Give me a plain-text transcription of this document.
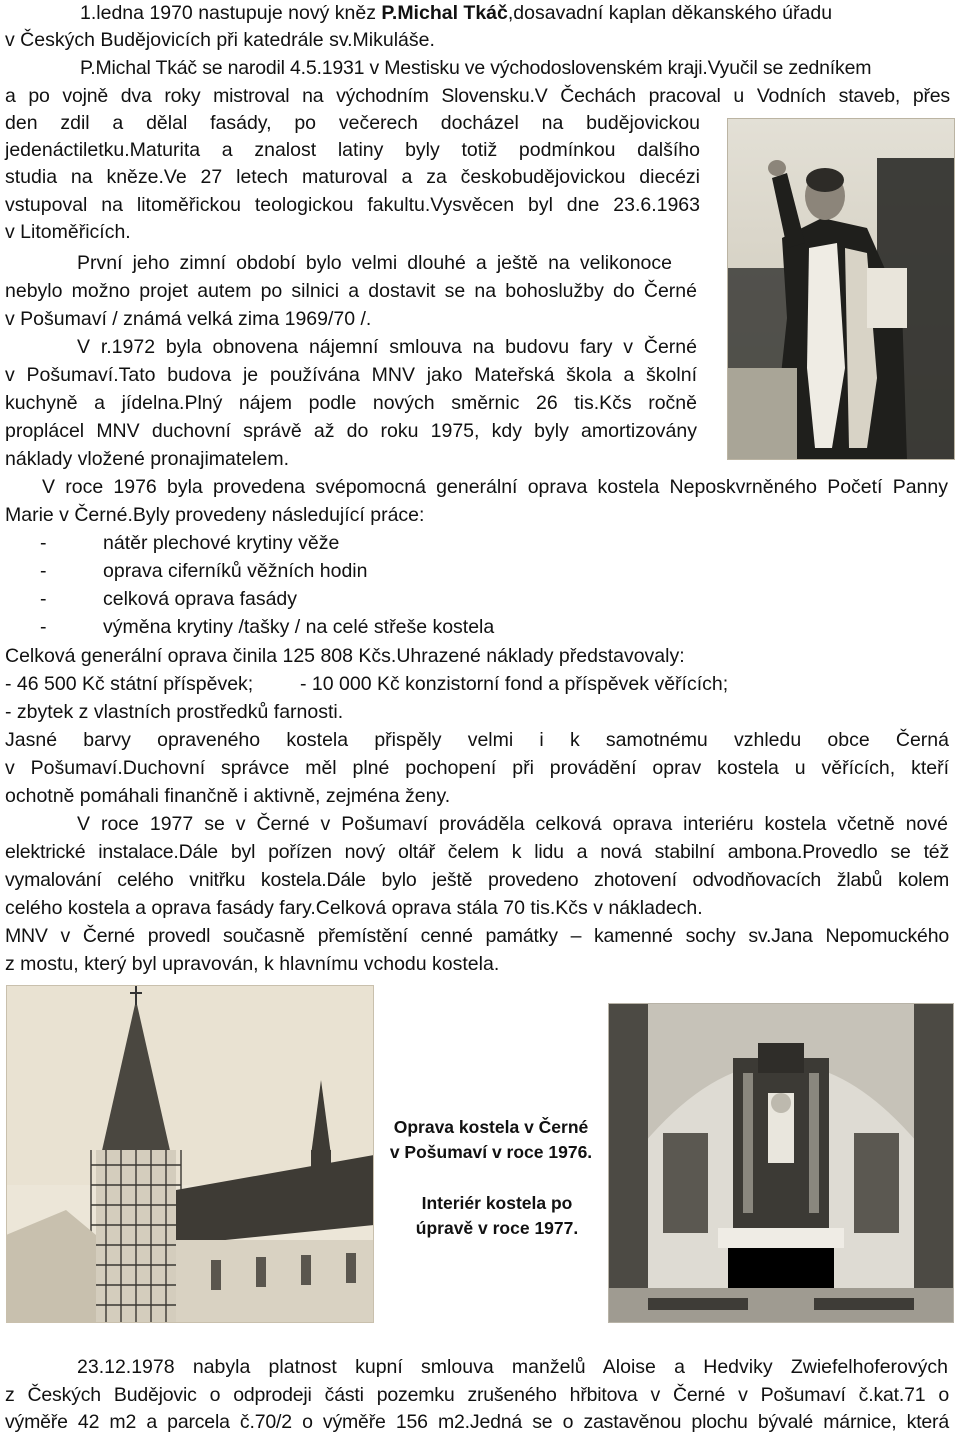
1.ledna 1970 nastupuje nový kněz P.Michal Tkáč,dosavadní kaplan děkanského úřadu
v Českých Budějovicích při katedrále sv.Mikuláše.
P.Michal Tkáč se narodil 4.5.1931 v Mestisku ve východoslovenském kraji.Vyučil se zedníkem
a po vojně dva roky mistroval na východním Slovensku.V Čechách pracoval u Vodních staveb, přes
den zdil a dělal fasády, po večerech docházel na budějovickou
jedenáctiletku.Maturita a znalost latiny byly totiž podmínkou dalšího
studia na kněze.Ve 27 letech maturoval a za českobudějovickou diecézi
vstupoval na litoměřickou teologickou fakultu.Vysvěcen byl dne 23.6.1963
v Litoměřicích.
První jeho zimní období bylo velmi dlouhé a ještě na velikonoce
nebylo možno projet autem po silnici a dostavit se na bohoslužby do Černé
v Pošumaví / známá velká zima 1969/70 /.
V r.1972 byla obnovena nájemní smlouva na budovu fary v Černé
v Pošumaví.Tato budova je používána MNV jako Mateřská škola a školní
kuchyně a jídelna.Plný nájem podle nových směrnic 26 tis.Kčs ročně
proplácel MNV duchovní správě až do roku 1975, kdy byly amortizovány
náklady vložené pronajimatelem.
V roce 1976 byla provedena svépomocná generální oprava kostela Neposkvrněného Početí Panny
Marie v Černé.Byly provedeny následující práce:
-	nátěr plechové krytiny věže
-	oprava ciferníků věžních hodin
-	celková oprava fasády
-	výměna krytiny /tašky / na celé střeše kostela
Celková generální oprava činila 125 808 Kčs.Uhrazené náklady představovaly:
- 46 500 Kč státní příspěvek; - 10 000 Kč konzistorní fond a příspěvek věřících;
- zbytek z vlastních prostředků farnosti.
Jasné barvy opraveného kostela přispěly velmi i k samotnému vzhledu obce Černá
v Pošumaví.Duchovní správce měl plné pochopení při provádění oprav kostela u věřících, kteří
ochotně pomáhali finančně i aktivně, zejména ženy.
V roce 1977 se v Černé v Pošumaví prováděla celková oprava interiéru kostela včetně nové
elektrické instalace.Dále byl pořízen nový oltář čelem k lidu a nová stabilní ambona.Provedlo se též
vymalování celého vnitřku kostela.Dále bylo ještě provedeno zhotovení odvodňovacích žlabů kolem
celého kostela a oprava fasády fary.Celková oprava stála 70 tis.Kčs v nákladech.
MNV v Černé provedl současně přemístění cenné památky – kamenné sochy sv.Jana Nepomuckého
z mostu, který byl upravován, k hlavnímu vchodu kostela.
Oprava kostela v Černé
v Pošumaví v roce 1976.
Interiér kostela po
úpravě v roce 1977.
23.12.1978 nabyla platnost kupní smlouva manželů Aloise a Hedviky Zwiefelhoferových
z Českých Budějovic o odprodeji části pozemku zrušeného hřbitova v Černé v Pošumaví č.kat.71 o
výměře 42 m2 a parcela č.70/2 o výměře 156 m2.Jedná se o zastavěnou plochu bývalé márnice, která
